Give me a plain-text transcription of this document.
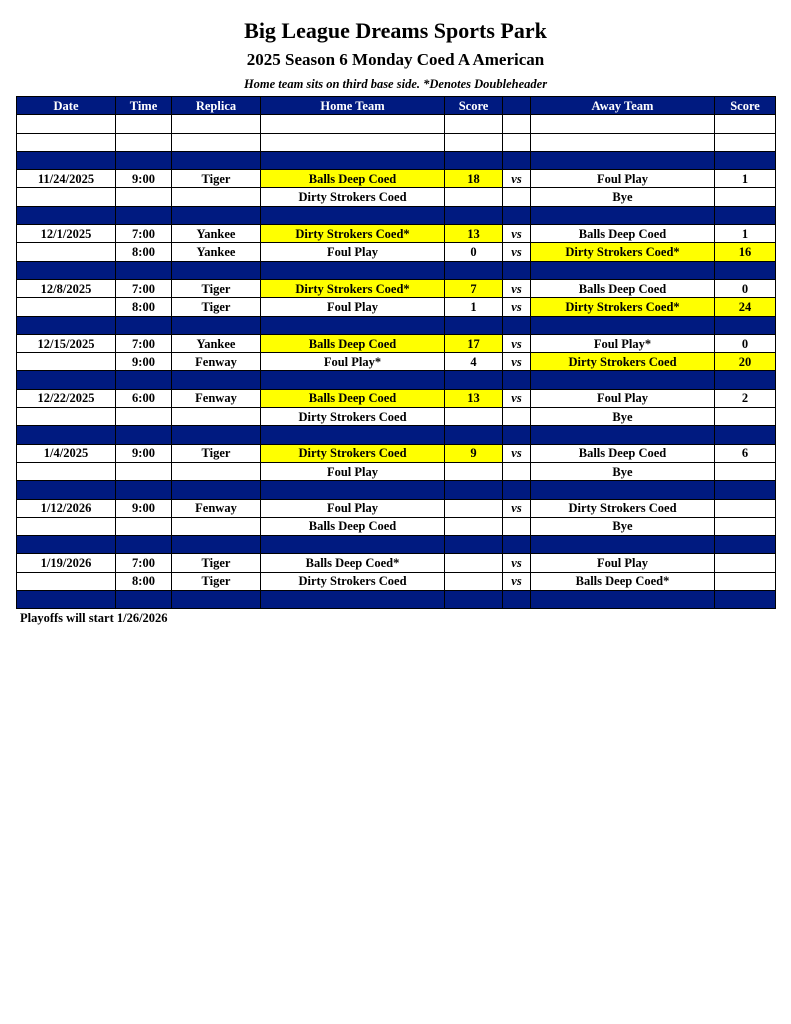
Big League Dreams Sports Park
2025 Season 6 Monday Coed A American
Home team sits on third base side. *Denotes Doubleheader
Date	Time	Replica	Home Team	Score		Away Team	Score

11/24/2025	9:00	Tiger	Balls Deep Coed	18	vs	Foul Play	1
			Dirty Strokers Coed			Bye	

12/1/2025	7:00	Yankee	Dirty Strokers Coed*	13	vs	Balls Deep Coed	1
	8:00	Yankee	Foul Play	0	vs	Dirty Strokers Coed*	16

12/8/2025	7:00	Tiger	Dirty Strokers Coed*	7	vs	Balls Deep Coed	0
	8:00	Tiger	Foul Play	1	vs	Dirty Strokers Coed*	24

12/15/2025	7:00	Yankee	Balls Deep Coed	17	vs	Foul Play*	0
	9:00	Fenway	Foul Play*	4	vs	Dirty Strokers Coed	20

12/22/2025	6:00	Fenway	Balls Deep Coed	13	vs	Foul Play	2
			Dirty Strokers Coed			Bye	

1/4/2025	9:00	Tiger	Dirty Strokers Coed	9	vs	Balls Deep Coed	6
			Foul Play			Bye	

1/12/2026	9:00	Fenway	Foul Play		vs	Dirty Strokers Coed	
			Balls Deep Coed			Bye	

1/19/2026	7:00	Tiger	Balls Deep Coed*		vs	Foul Play	
	8:00	Tiger	Dirty Strokers Coed		vs	Balls Deep Coed*	

Playoffs will start 1/26/2026
